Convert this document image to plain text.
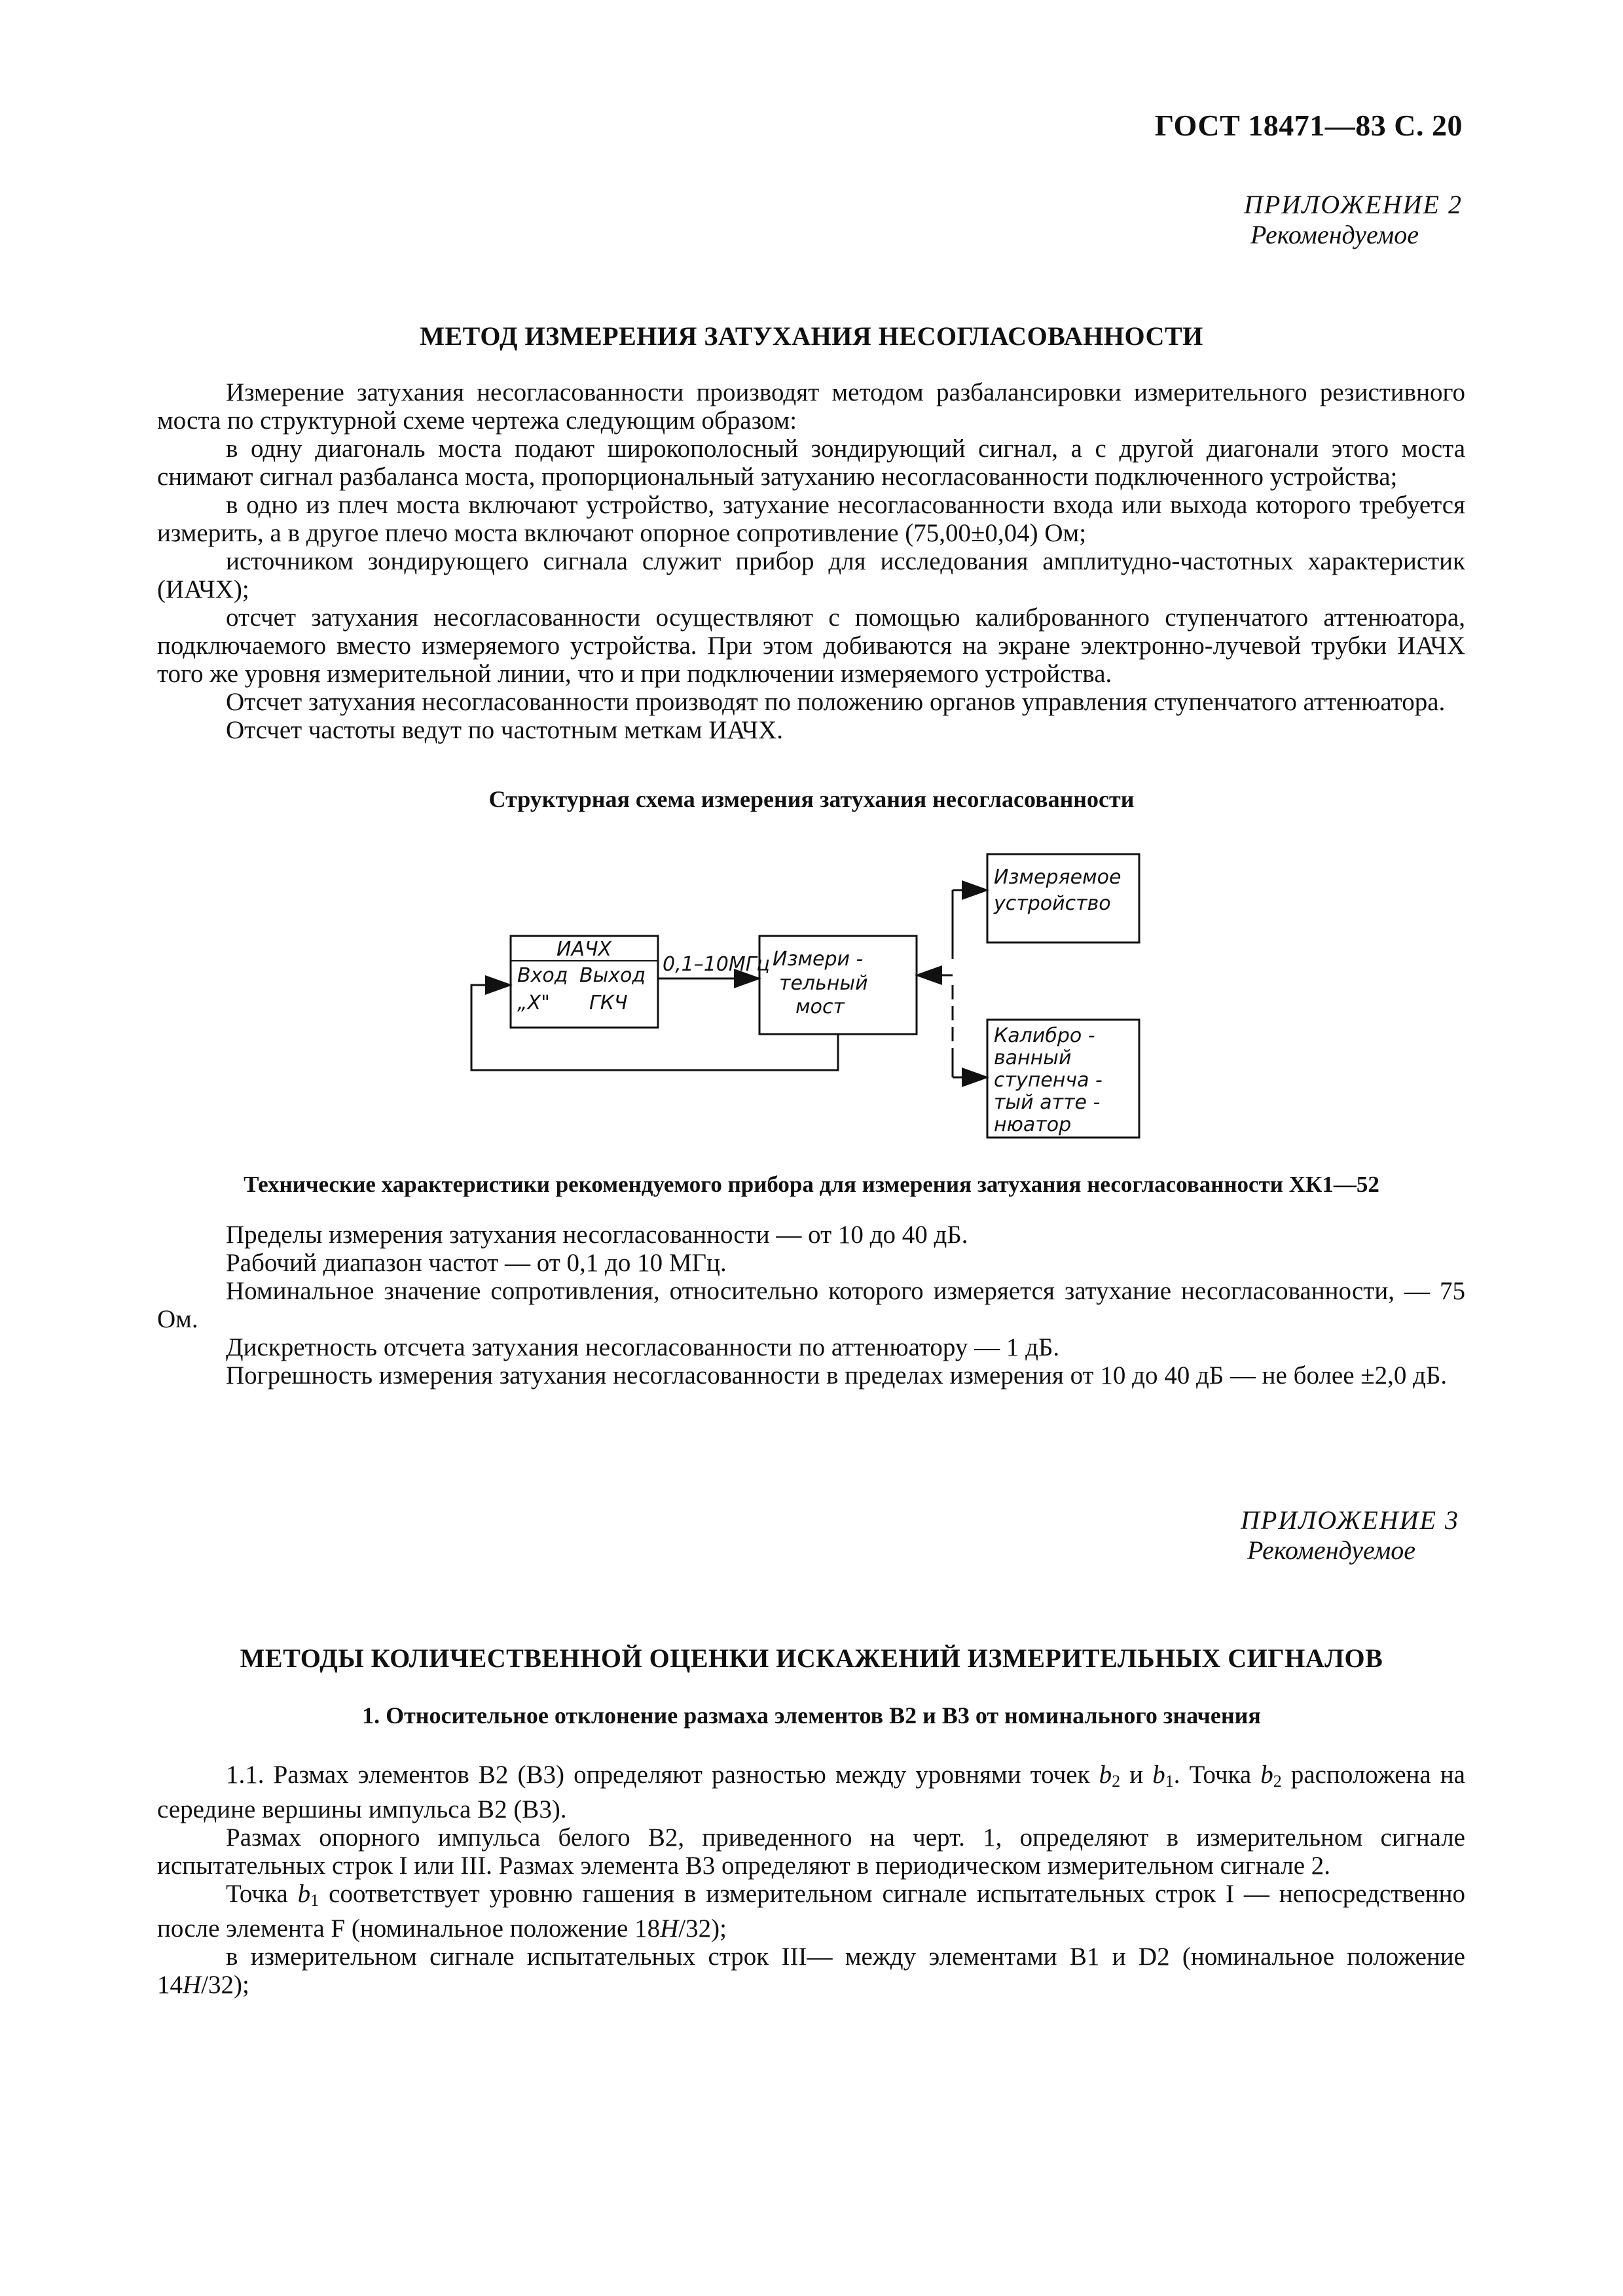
ГОСТ 18471—83 С. 20
ПРИЛОЖЕНИЕ 2
Рекомендуемое
МЕТОД ИЗМЕРЕНИЯ ЗАТУХАНИЯ НЕСОГЛАСОВАННОСТИ

Измерение затухания несогласованности производят методом разбалансировки измерительного резистивного моста по структурной схеме чертежа следующим образом:

в одну диагональ моста подают широкополосный зондирующий сигнал, а с другой диагонали этого моста снимают сигнал разбаланса моста, пропорциональный затуханию несогласованности подключенного устройства;

в одно из плеч моста включают устройство, затухание несогласованности входа или выхода которого требуется измерить, а в другое плечо моста включают опорное сопротивление (75,00±0,04) Ом;

источником зондирующего сигнала служит прибор для исследования амплитудно-частотных характеристик (ИАЧХ);

отсчет затухания несогласованности осуществляют с помощью калиброванного ступенчатого аттенюатора, подключаемого вместо измеряемого устройства. При этом добиваются на экране электронно-лучевой трубки ИАЧХ того же уровня измерительной линии, что и при подключении измеряемого устройства.

Отсчет затухания несогласованности производят по положению органов управления ступенчатого аттенюатора.

Отсчет частоты ведут по частотным меткам ИАЧХ.

Структурная схема измерения затухания несогласованности
ИАЧХ
Вход Выход
„Х" ГКЧ
0,1–10МГц Измери -
тельный
мост
Измеряемое
устройство
Калибро -
ванный
ступенча -
тый атте -
нюатор
Технические характеристики рекомендуемого прибора для измерения затухания несогласованности ХК1—52

Пределы измерения затухания несогласованности — от 10 до 40 дБ.

Рабочий диапазон частот — от 0,1 до 10 МГц.

Номинальное значение сопротивления, относительно которого измеряется затухание несогласованности, — 75 Ом.

Дискретность отсчета затухания несогласованности по аттенюатору — 1 дБ.

Погрешность измерения затухания несогласованности в пределах измерения от 10 до 40 дБ — не более ±2,0 дБ.

ПРИЛОЖЕНИЕ 3
Рекомендуемое
МЕТОДЫ КОЛИЧЕСТВЕННОЙ ОЦЕНКИ ИСКАЖЕНИЙ ИЗМЕРИТЕЛЬНЫХ СИГНАЛОВ
1. Относительное отклонение размаха элементов В2 и В3 от номинального значения

1.1. Размах элементов В2 (В3) определяют разностью между уровнями точек $b_2$ и $b_1$. Точка $b_2$ расположена на середине вершины импульса В2 (В3).

Размах опорного импульса белого В2, приведенного на черт. 1, определяют в измерительном сигнале испытательных строк I или III. Размах элемента В3 определяют в периодическом измерительном сигнале 2.

Точка $b_1$ соответствует уровню гашения в измерительном сигнале испытательных строк I — непосредственно после элемента F (номинальное положение 18H/32);

в измерительном сигнале испытательных строк III— между элементами В1 и D2 (номинальное положение 14H/32);
